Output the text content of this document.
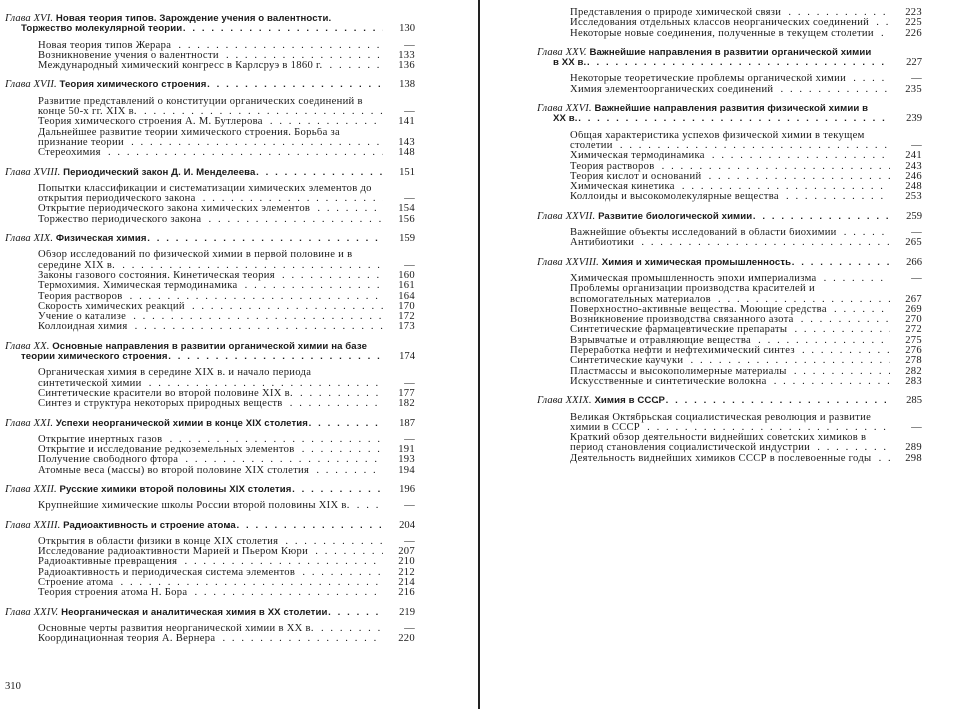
Глава XVI. Новая теория типов. Зарождение учения о валентности. Торжество молекулярной теории . .	130
Новая теория типов Жерара . .	—
Возникновение учения о валентности . .	133
Международный химический конгресс в Карлсруэ в 1860 г. . .	136
Глава XVII. Теория химического строения . .	138
Развитие представлений о конституции органических соединений в конце 50-х гг. XIX в. . .	—
Теория химического строения А. М. Бутлерова . .	141
Дальнейшее развитие теории химического строения. Борьба за признание теории . .	143
Стереохимия . .	148
Глава XVIII. Периодический закон Д. И. Менделеева . .	151
Попытки классификации и систематизации химических элементов до открытия периодического закона . .	—
Открытие периодического закона химических элементов . .	154
Торжество периодического закона . .	156
Глава XIX. Физическая химия . .	159
Обзор исследований по физической химии в первой половине и в середине XIX в. . .	—
Законы газового состояния. Кинетическая теория . .	160
Термохимия. Химическая термодинамика . .	161
Теория растворов . .	164
Скорость химических реакций . .	170
Учение о катализе . .	172
Коллоидная химия . .	173
Глава XX. Основные направления в развитии органической химии на базе теории химического строения . .	174
Органическая химия в середине XIX в. и начало периода синтетической химии . .	—
Синтетические красители во второй половине XIX в. . .	177
Синтез и структура некоторых природных веществ . .	182
Глава XXI. Успехи неорганической химии в конце XIX столетия . .	187
Открытие инертных газов . .	—
Открытие и исследование редкоземельных элементов . .	191
Получение свободного фтора . .	193
Атомные веса (массы) во второй половине XIX столетия . .	194
Глава XXII. Русские химики второй половины XIX столетия . .	196
Крупнейшие химические школы России второй половины XIX в. . .	—
Глава XXIII. Радиоактивность и строение атома . .	204
Открытия в области физики в конце XIX столетия . .	—
Исследование радиоактивности Марией и Пьером Кюри . .	207
Радиоактивные превращения . .	210
Радиоактивность и периодическая система элементов . .	212
Строение атома . .	214
Теория строения атома Н. Бора . .	216
Глава XXIV. Неорганическая и аналитическая химия в XX столетии . .	219
Основные черты развития неорганической химии в XX в. . .	—
Координационная теория А. Вернера . .	220
310
Представления о природе химической связи . .	223
Исследования отдельных классов неорганических соединений . .	225
Некоторые новые соединения, полученные в текущем столетии . .	226
Глава XXV. Важнейшие направления в развитии органической химии в XX в. . .	227
Некоторые теоретические проблемы органической химии . .	—
Химия элементоорганических соединений . .	235
Глава XXVI. Важнейшие направления развития физической химии в XX в. . .	239
Общая характеристика успехов физической химии в текущем столетии . .	—
Химическая термодинамика . .	241
Теория растворов . .	243
Теория кислот и оснований . .	246
Химическая кинетика . .	248
Коллоиды и высокомолекулярные вещества . .	253
Глава XXVII. Развитие биологической химии . .	259
Важнейшие объекты исследований в области биохимии . .	—
Антибиотики . .	265
Глава XXVIII. Химия и химическая промышленность . .	266
Химическая промышленность эпохи империализма . .	—
Проблемы организации производства красителей и вспомогательных материалов . .	267
Поверхностно-активные вещества. Моющие средства . .	269
Возникновение производства связанного азота . .	270
Синтетические фармацевтические препараты . .	272
Взрывчатые и отравляющие вещества . .	275
Переработка нефти и нефтехимический синтез . .	276
Синтетические каучуки . .	278
Пластмассы и высокополимерные материалы . .	282
Искусственные и синтетические волокна . .	283
Глава XXIX. Химия в СССР . .	285
Великая Октябрьская социалистическая революция и развитие химии в СССР . .	—
Краткий обзор деятельности виднейших советских химиков в период становления социалистической индустрии . .	289
Деятельность виднейших химиков СССР в послевоенные годы . .	298
